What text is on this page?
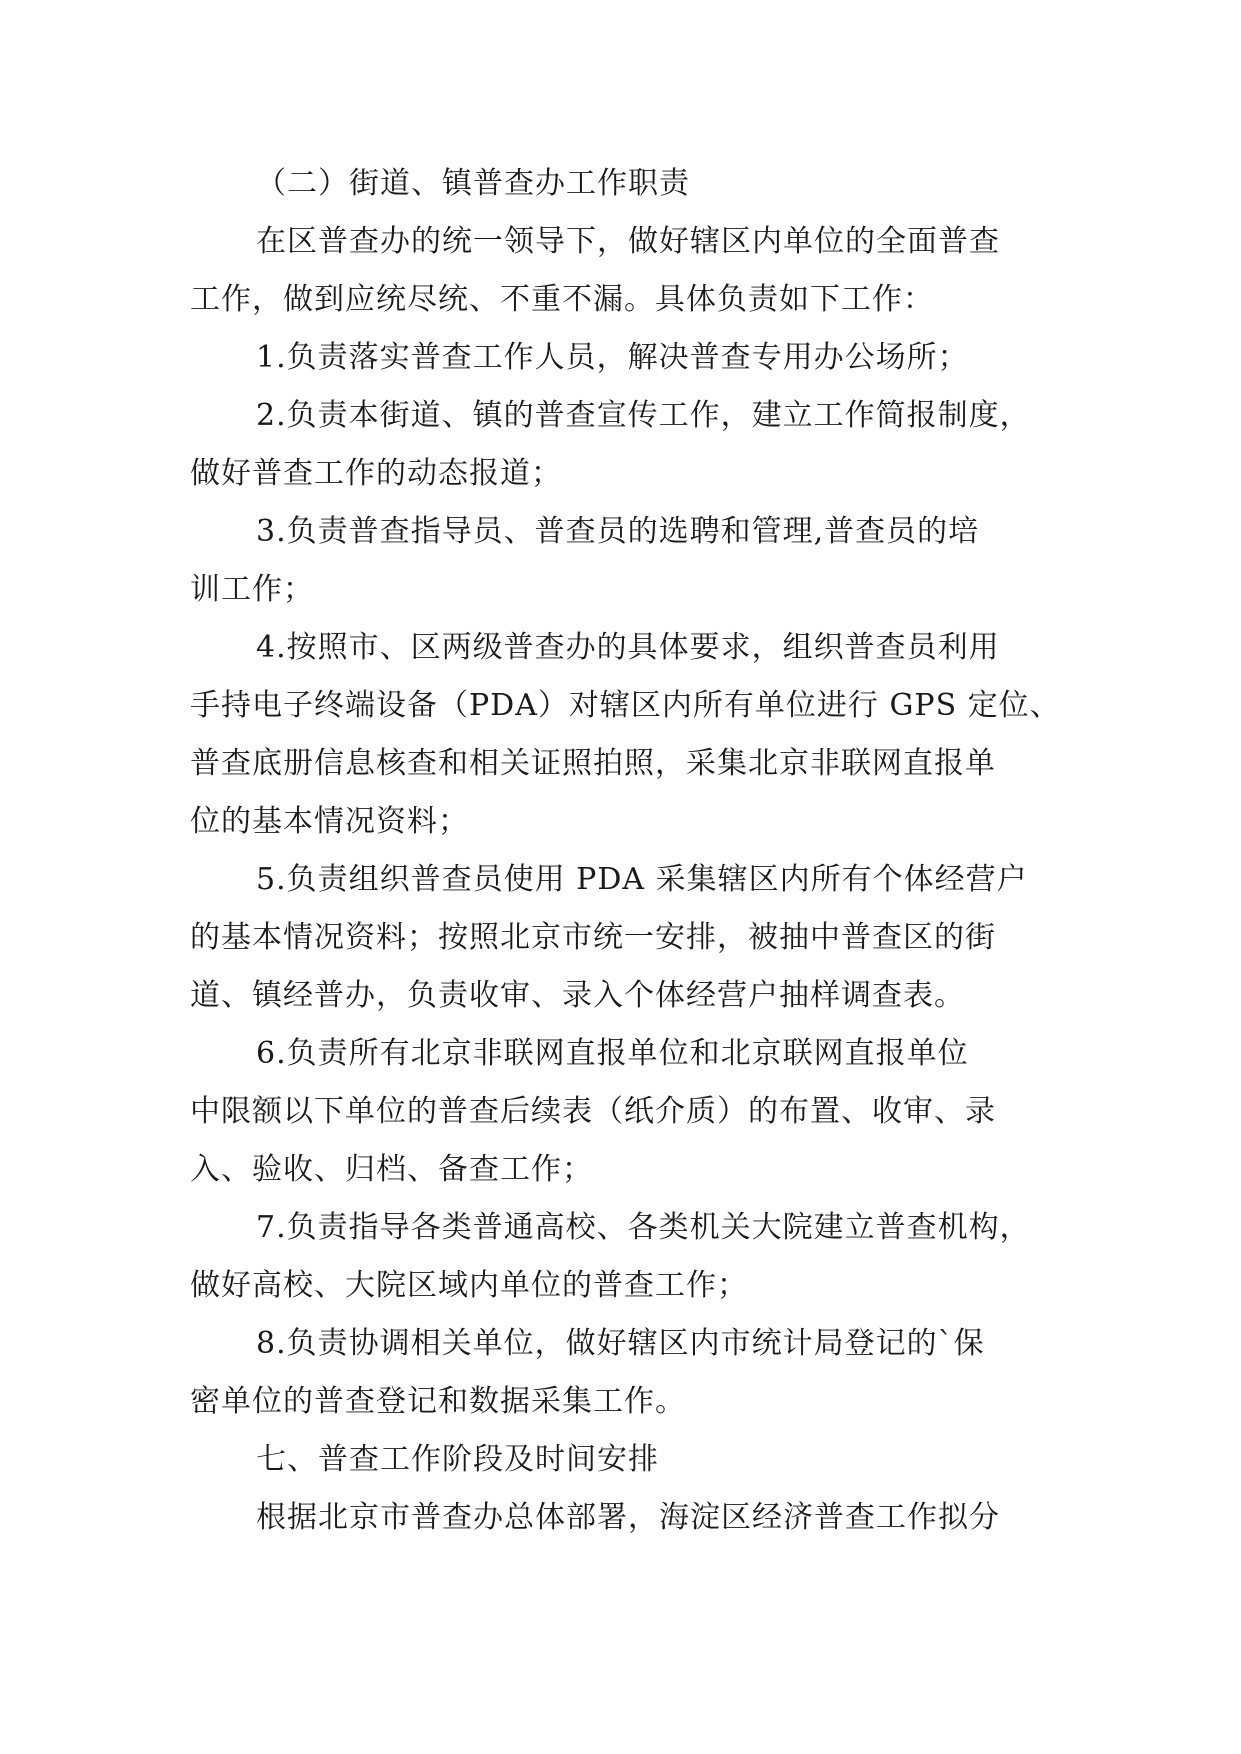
（二）街道、镇普查办工作职责
在区普查办的统一领导下，做好辖区内单位的全面普查
工作，做到应统尽统、不重不漏。具体负责如下工作：
1.负责落实普查工作人员，解决普查专用办公场所；
2.负责本街道、镇的普查宣传工作，建立工作简报制度，
做好普查工作的动态报道；
3.负责普查指导员、普查员的选聘和管理,普查员的培
训工作；
4.按照市、区两级普查办的具体要求，组织普查员利用
手持电子终端设备（PDA）对辖区内所有单位进行 GPS 定位、
普查底册信息核查和相关证照拍照，采集北京非联网直报单
位的基本情况资料；
5.负责组织普查员使用 PDA 采集辖区内所有个体经营户
的基本情况资料；按照北京市统一安排，被抽中普查区的街
道、镇经普办，负责收审、录入个体经营户抽样调查表。
6.负责所有北京非联网直报单位和北京联网直报单位
中限额以下单位的普查后续表（纸介质）的布置、收审、录
入、验收、归档、备查工作；
7.负责指导各类普通高校、各类机关大院建立普查机构，
做好高校、大院区域内单位的普查工作；
8.负责协调相关单位，做好辖区内市统计局登记的`保
密单位的普查登记和数据采集工作。
七、普查工作阶段及时间安排
根据北京市普查办总体部署，海淀区经济普查工作拟分
